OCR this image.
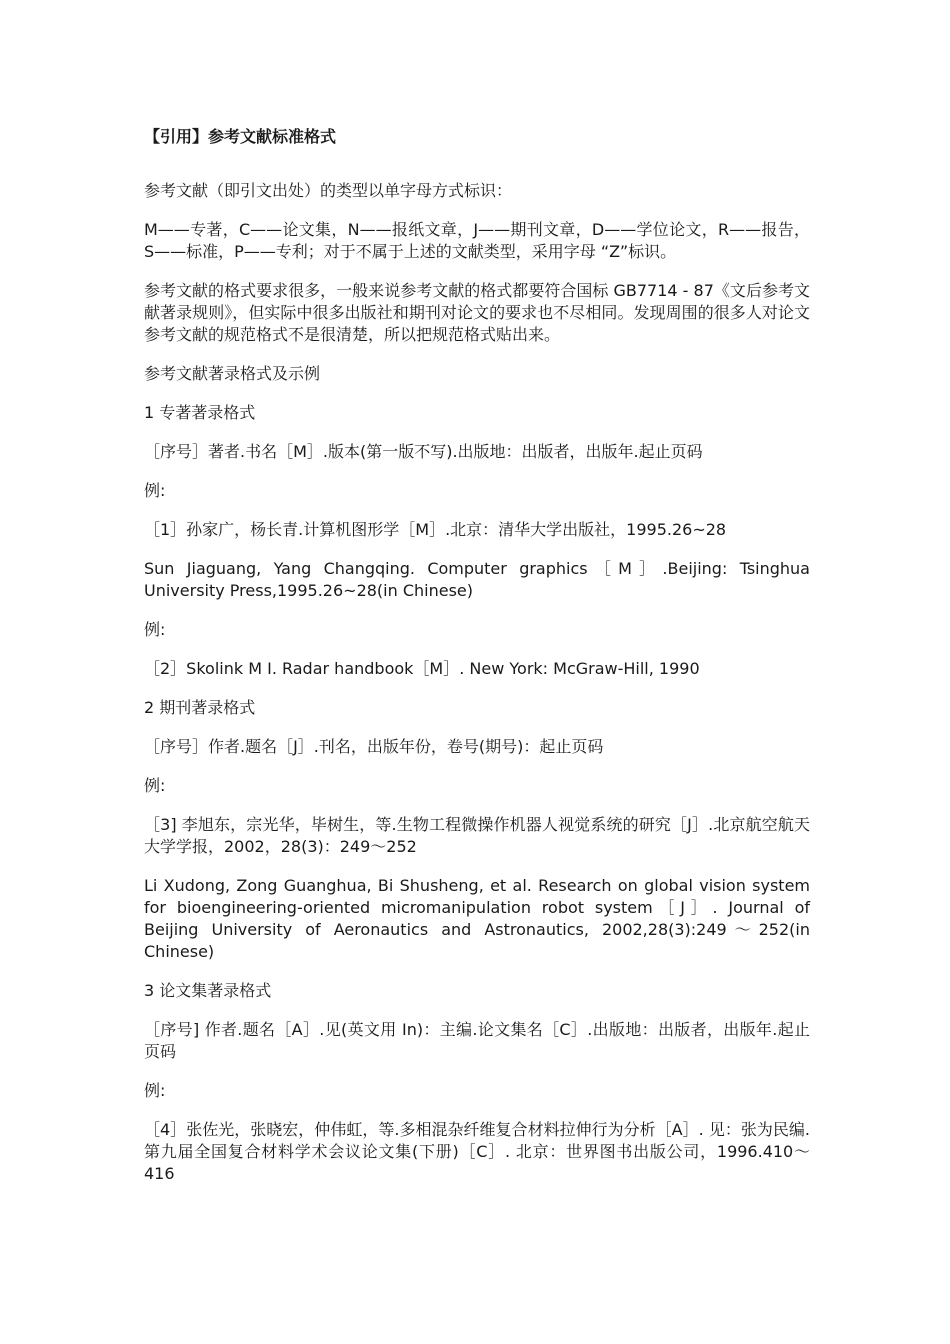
【引用】参考文献标准格式

参考文献（即引文出处）的类型以单字母方式标识：

M——专著，C——论文集，N——报纸文章，J——期刊文章，D——学位论文，R——报告，S——标准，P——专利；对于不属于上述的文献类型，采用字母 “Z”标识。

参考文献的格式要求很多，一般来说参考文献的格式都要符合国标 GB7714 - 87《文后参考文献著录规则》，但实际中很多出版社和期刊对论文的要求也不尽相同。发现周围的很多人对论文参考文献的规范格式不是很清楚，所以把规范格式贴出来。

参考文献著录格式及示例

1 专著著录格式

［序号］著者.书名［M］.版本(第一版不写).出版地：出版者，出版年.起止页码

例:

［1］孙家广，杨长青.计算机图形学［M］.北京：清华大学出版社，1995.26~28

Sun Jiaguang, Yang Changqing. Computer graphics［M］.Beijing: Tsinghua University Press,1995.26~28(in Chinese)

例:

［2］Skolink M I. Radar handbook［M］. New York: McGraw-Hill, 1990

2 期刊著录格式

［序号］作者.题名［J］.刊名，出版年份，卷号(期号)：起止页码

例:

［3] 李旭东，宗光华，毕树生，等.生物工程微操作机器人视觉系统的研究［J］.北京航空航天大学学报，2002，28(3)：249～252

Li Xudong, Zong Guanghua, Bi Shusheng, et al. Research on global vision system for bioengineering-oriented micromanipulation robot system［J］. Journal of Beijing University of Aeronautics and Astronautics, 2002,28(3):249～252(in Chinese)

3 论文集著录格式

［序号] 作者.题名［A］.见(英文用 In)：主编.论文集名［C］.出版地：出版者，出版年.起止页码

例:

［4］张佐光，张晓宏，仲伟虹，等.多相混杂纤维复合材料拉伸行为分析［A］. 见：张为民编.第九届全国复合材料学术会议论文集(下册)［C］. 北京：世界图书出版公司，1996.410～416
